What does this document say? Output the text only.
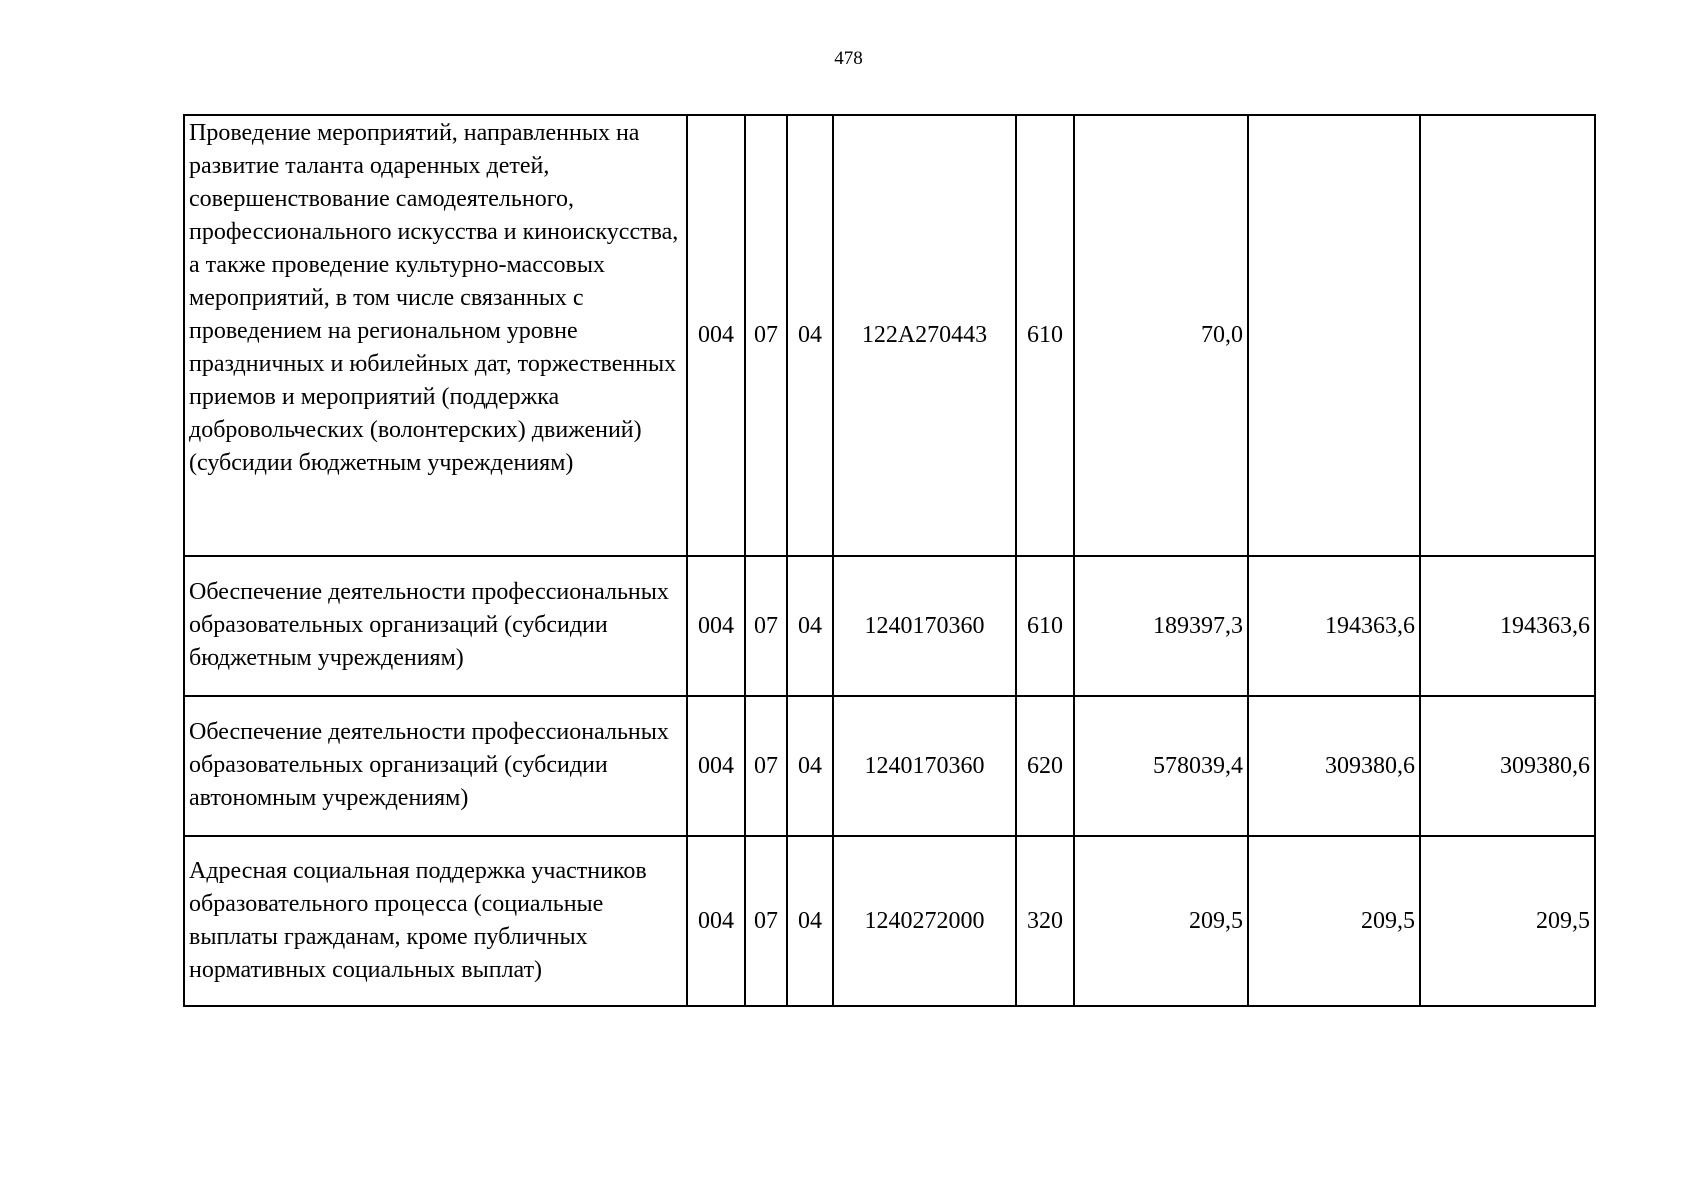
478
Проведение мероприятий, направленных на развитие таланта одаренных детей, совершенствование самодеятельного, профессионального искусства и киноискусства, а также проведение культурно-массовых мероприятий, в том числе связанных с проведением на региональном уровне праздничных и юбилейных дат, торжественных приемов и мероприятий (поддержка добровольческих (волонтерских) движений) (субсидии бюджетным учреждениям)	004	07	04	122A270443	610	70,0		
Обеспечение деятельности профессиональных образовательных организаций (субсидии бюджетным учреждениям)	004	07	04	1240170360	610	189397,3	194363,6	194363,6
Обеспечение деятельности профессиональных образовательных организаций (субсидии автономным учреждениям)	004	07	04	1240170360	620	578039,4	309380,6	309380,6
Адресная социальная поддержка участников образовательного процесса (социальные выплаты гражданам, кроме публичных нормативных социальных выплат)	004	07	04	1240272000	320	209,5	209,5	209,5
